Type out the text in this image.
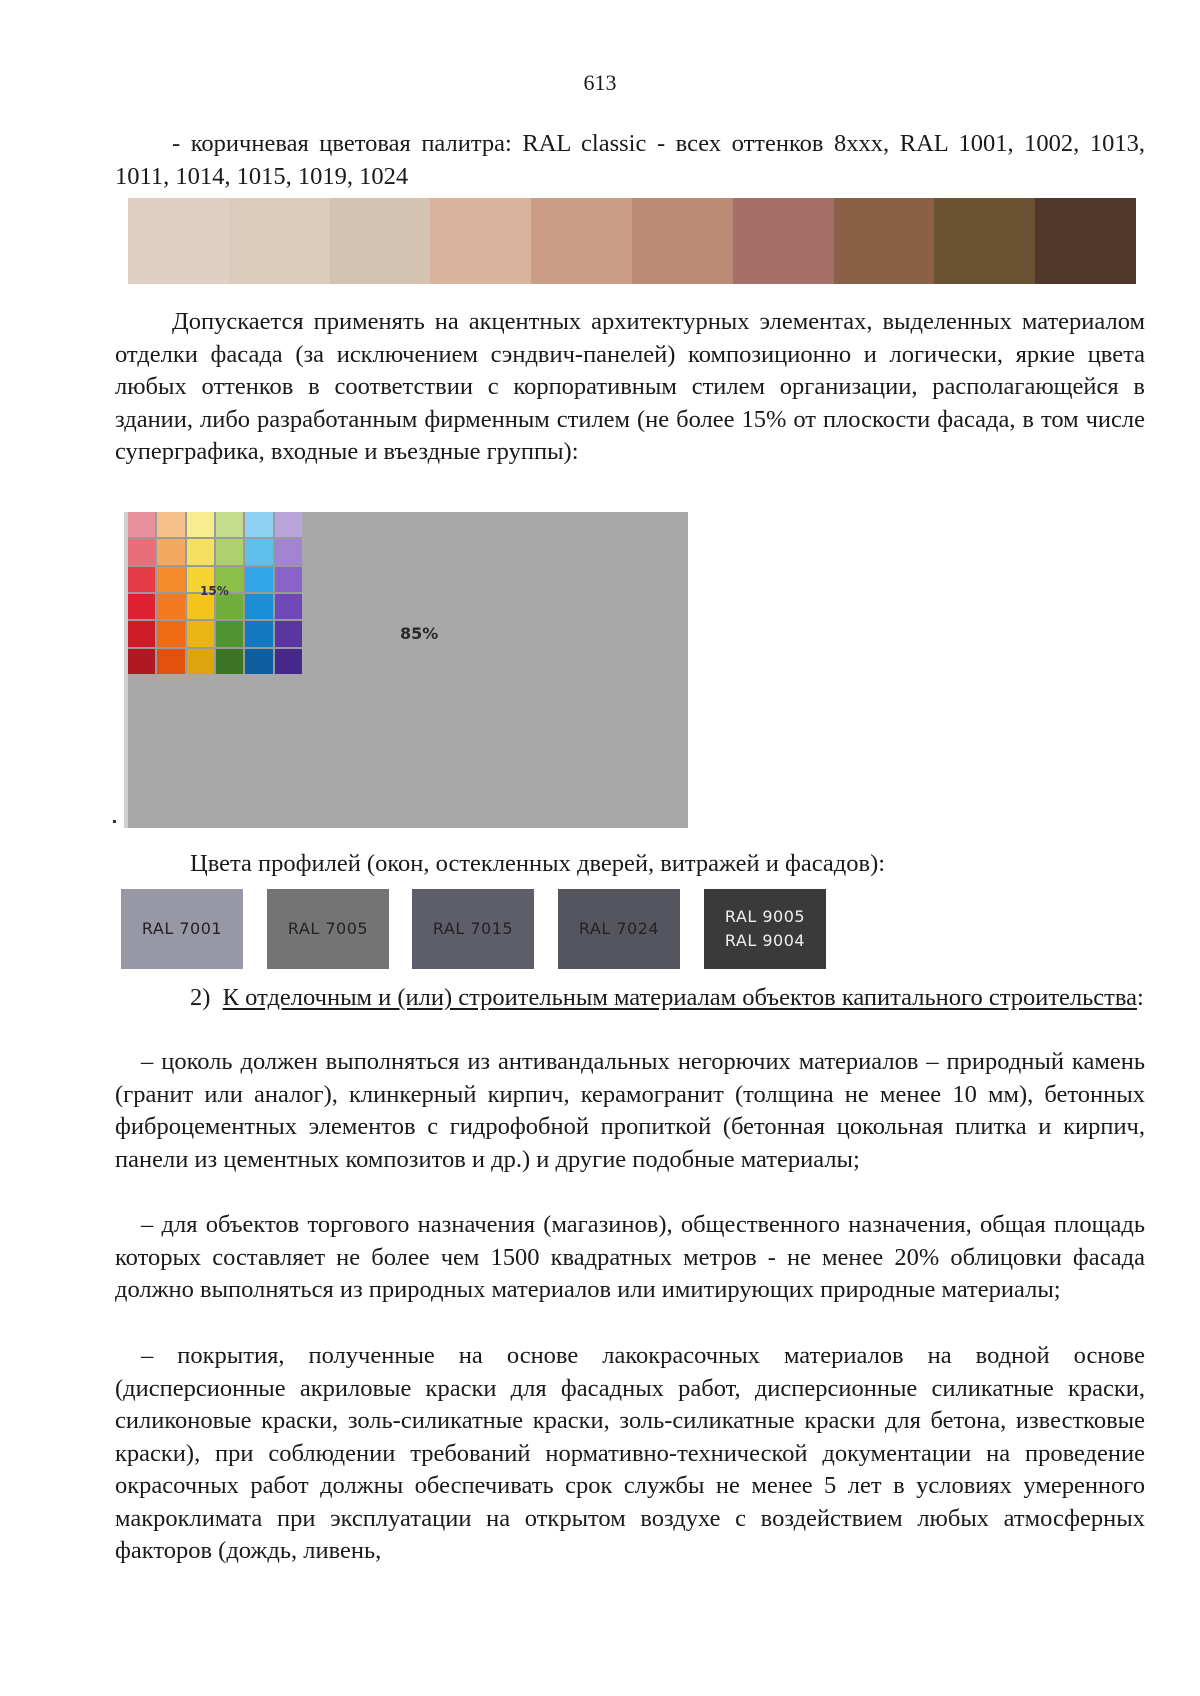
613

- коричневая цветовая палитра: RAL classic - всех оттенков 8ххх, RAL 1001, 1002, 1013, 1011, 1014, 1015, 1019, 1024

Допускается применять на акцентных архитектурных элементах, выделенных материалом отделки фасада (за исключением сэндвич-панелей) композиционно и логически, яркие цвета любых оттенков в соответствии с корпоративным стилем организации, располагающейся в здании, либо разработанным фирменным стилем (не более 15% от плоскости фасада, в том числе суперграфика, входные и въездные группы):

15%
85%

Цвета профилей (окон, остекленных дверей, витражей и фасадов):

RAL 7001	RAL 7005	RAL 7015	RAL 7024
RAL 9005
RAL 9004

2) К отделочным и (или) строительным материалам объектов капитального строительства:

– цоколь должен выполняться из антивандальных негорючих материалов – природный камень (гранит или аналог), клинкерный кирпич, керамогранит (толщина не менее 10 мм), бетонных фиброцементных элементов с гидрофобной пропиткой (бетонная цокольная плитка и кирпич, панели из цементных композитов и др.) и другие подобные материалы;

– для объектов торгового назначения (магазинов), общественного назначения, общая площадь которых составляет не более чем 1500 квадратных метров - не менее 20% облицовки фасада должно выполняться из природных материалов или имитирующих природные материалы;

– покрытия, полученные на основе лакокрасочных материалов на водной основе (дисперсионные акриловые краски для фасадных работ, дисперсионные силикатные краски, силиконовые краски, золь-силикатные краски, золь-силикатные краски для бетона, известковые краски), при соблюдении требований нормативно-технической документации на проведение окрасочных работ должны обеспечивать срок службы не менее 5 лет в условиях умеренного макроклимата при эксплуатации на открытом воздухе с воздействием любых атмосферных факторов (дождь, ливень,
